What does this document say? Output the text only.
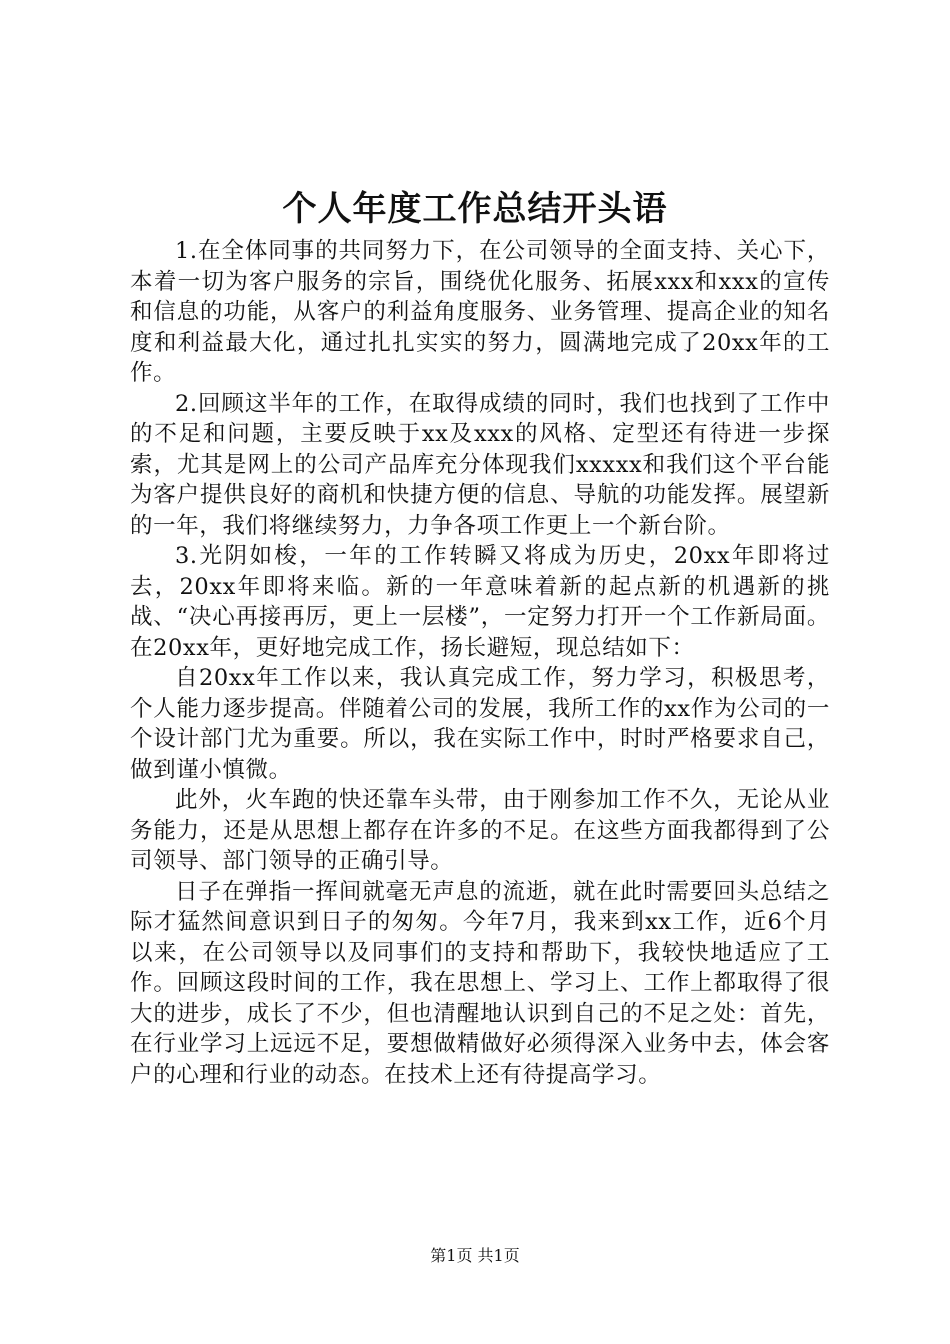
个人年度工作总结开头语

1.在全体同事的共同努力下，在公司领导的全面支持、关心下，本着一切为客户服务的宗旨，围绕优化服务、拓展xxx和xxx的宣传和信息的功能，从客户的利益角度服务、业务管理、提高企业的知名度和利益最大化，通过扎扎实实的努力，圆满地完成了20xx年的工作。

2.回顾这半年的工作，在取得成绩的同时，我们也找到了工作中的不足和问题，主要反映于xx及xxx的风格、定型还有待进一步探索，尤其是网上的公司产品库充分体现我们xxxxx和我们这个平台能为客户提供良好的商机和快捷方便的信息、导航的功能发挥。展望新的一年，我们将继续努力，力争各项工作更上一个新台阶。

3.光阴如梭，一年的工作转瞬又将成为历史，20xx年即将过去，20xx年即将来临。新的一年意味着新的起点新的机遇新的挑战、“决心再接再厉，更上一层楼”，一定努力打开一个工作新局面。在20xx年，更好地完成工作，扬长避短，现总结如下：

自20xx年工作以来，我认真完成工作，努力学习，积极思考，个人能力逐步提高。伴随着公司的发展，我所工作的xx作为公司的一个设计部门尤为重要。所以，我在实际工作中，时时严格要求自己，做到谨小慎微。

此外，火车跑的快还靠车头带，由于刚参加工作不久，无论从业务能力，还是从思想上都存在许多的不足。在这些方面我都得到了公司领导、部门领导的正确引导。

日子在弹指一挥间就毫无声息的流逝，就在此时需要回头总结之际才猛然间意识到日子的匆匆。今年7月，我来到xx工作，近6个月以来，在公司领导以及同事们的支持和帮助下，我较快地适应了工作。回顾这段时间的工作，我在思想上、学习上、工作上都取得了很大的进步，成长了不少，但也清醒地认识到自己的不足之处：首先，在行业学习上远远不足，要想做精做好必须得深入业务中去，体会客户的心理和行业的动态。在技术上还有待提高学习。

第1页 共1页
